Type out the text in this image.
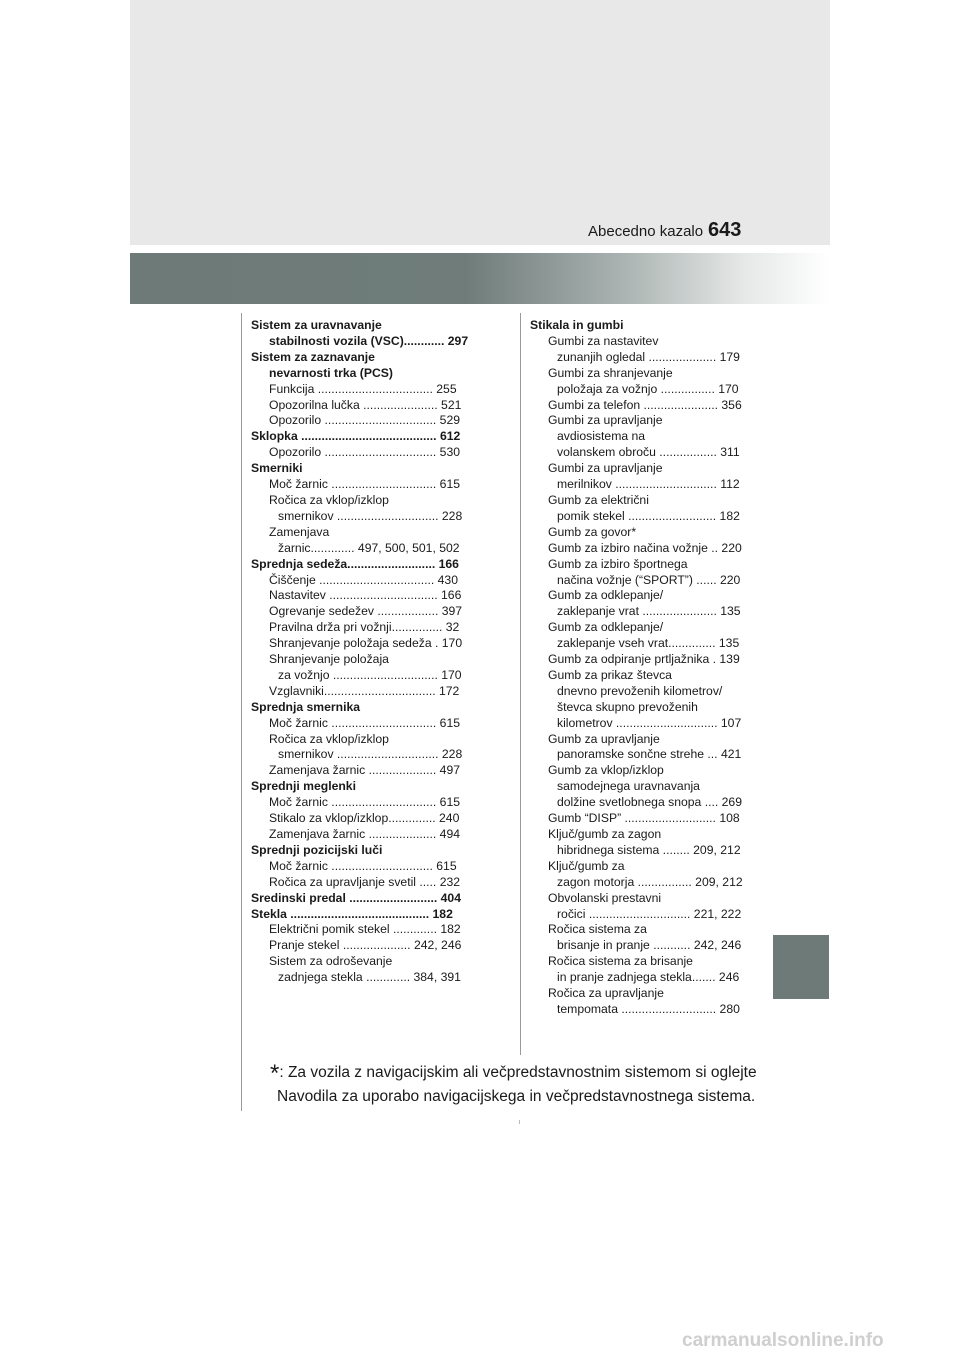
Abecedno kazalo 643
Sistem za uravnavanje
stabilnosti vozila (VSC)............ 297
Sistem za zaznavanje
nevarnosti trka (PCS)
Funkcija .................................. 255
Opozorilna lučka ...................... 521
Opozorilo ................................. 529
Sklopka ........................................ 612
Opozorilo ................................. 530
Smerniki
Moč žarnic ............................... 615
Ročica za vklop/izklop
smernikov .............................. 228
Zamenjava
žarnic............. 497, 500, 501, 502
Sprednja sedeža.......................... 166
Čiščenje .................................. 430
Nastavitev ................................ 166
Ogrevanje sedežev .................. 397
Pravilna drža pri vožnji............... 32
Shranjevanje položaja sedeža . 170
Shranjevanje položaja
za vožnjo ............................... 170
Vzglavniki................................. 172
Sprednja smernika
Moč žarnic ............................... 615
Ročica za vklop/izklop
smernikov .............................. 228
Zamenjava žarnic .................... 497
Sprednji meglenki
Moč žarnic ............................... 615
Stikalo za vklop/izklop.............. 240
Zamenjava žarnic .................... 494
Sprednji pozicijski luči
Moč žarnic .............................. 615
Ročica za upravljanje svetil ..... 232
Sredinski predal .......................... 404
Stekla ......................................... 182
Električni pomik stekel ............. 182
Pranje stekel .................... 242, 246
Sistem za odroševanje
zadnjega stekla ............. 384, 391
Stikala in gumbi
Gumbi za nastavitev
zunanjih ogledal .................... 179
Gumbi za shranjevanje
položaja za vožnjo ................ 170
Gumbi za telefon ...................... 356
Gumbi za upravljanje
avdiosistema na
volanskem obroču ................. 311
Gumbi za upravljanje
merilnikov .............................. 112
Gumb za električni
pomik stekel .......................... 182
Gumb za govor*
Gumb za izbiro načina vožnje .. 220
Gumb za izbiro športnega
načina vožnje (“SPORT”) ...... 220
Gumb za odklepanje/
zaklepanje vrat ...................... 135
Gumb za odklepanje/
zaklepanje vseh vrat.............. 135
Gumb za odpiranje prtljažnika . 139
Gumb za prikaz števca
dnevno prevoženih kilometrov/
števca skupno prevoženih
kilometrov .............................. 107
Gumb za upravljanje
panoramske sončne strehe ... 421
Gumb za vklop/izklop
samodejnega uravnavanja
dolžine svetlobnega snopa .... 269
Gumb “DISP” ........................... 108
Ključ/gumb za zagon
hibridnega sistema ........ 209, 212
Ključ/gumb za
zagon motorja ................ 209, 212
Obvolanski prestavni
ročici .............................. 221, 222
Ročica sistema za
brisanje in pranje ........... 242, 246
Ročica sistema za brisanje
in pranje zadnjega stekla....... 246
Ročica za upravljanje
tempomata ............................ 280
*: Za vozila z navigacijskim ali večpredstavnostnim sistemom si oglejte
Navodila za uporabo navigacijskega in večpredstavnostnega sistema.
carmanualsonline.info
